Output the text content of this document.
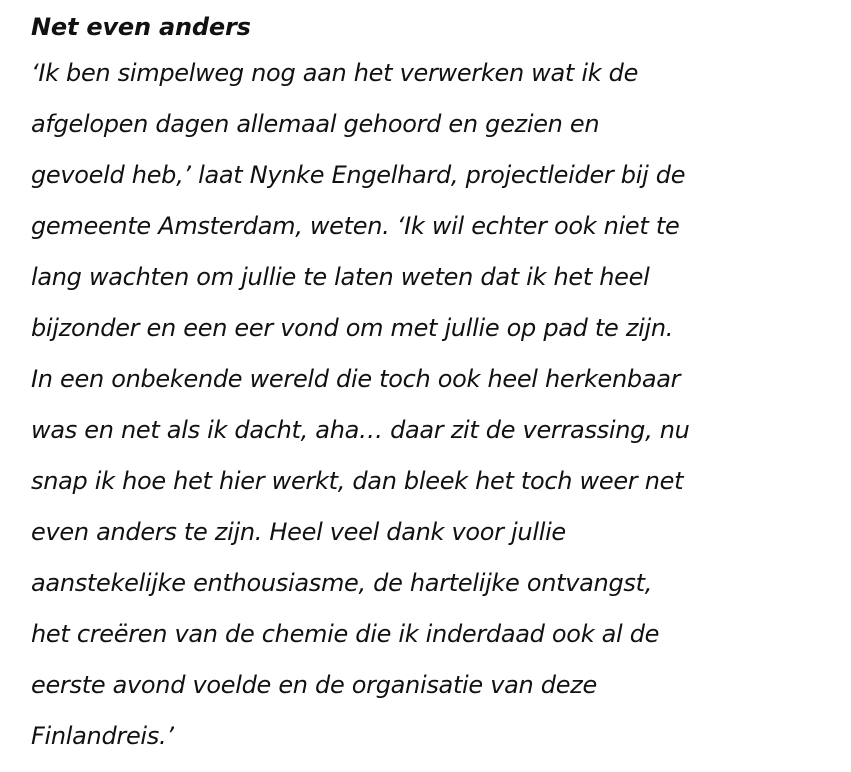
Net even anders

‘Ik ben simpelweg nog aan het verwerken wat ik de
afgelopen dagen allemaal gehoord en gezien en
gevoeld heb,’ laat Nynke Engelhard, projectleider bij de
gemeente Amsterdam, weten. ‘Ik wil echter ook niet te
lang wachten om jullie te laten weten dat ik het heel
bijzonder en een eer vond om met jullie op pad te zijn.
In een onbekende wereld die toch ook heel herkenbaar
was en net als ik dacht, aha… daar zit de verrassing, nu
snap ik hoe het hier werkt, dan bleek het toch weer net
even anders te zijn. Heel veel dank voor jullie
aanstekelijke enthousiasme, de hartelijke ontvangst,
het creëren van de chemie die ik inderdaad ook al de
eerste avond voelde en de organisatie van deze
Finlandreis.’
